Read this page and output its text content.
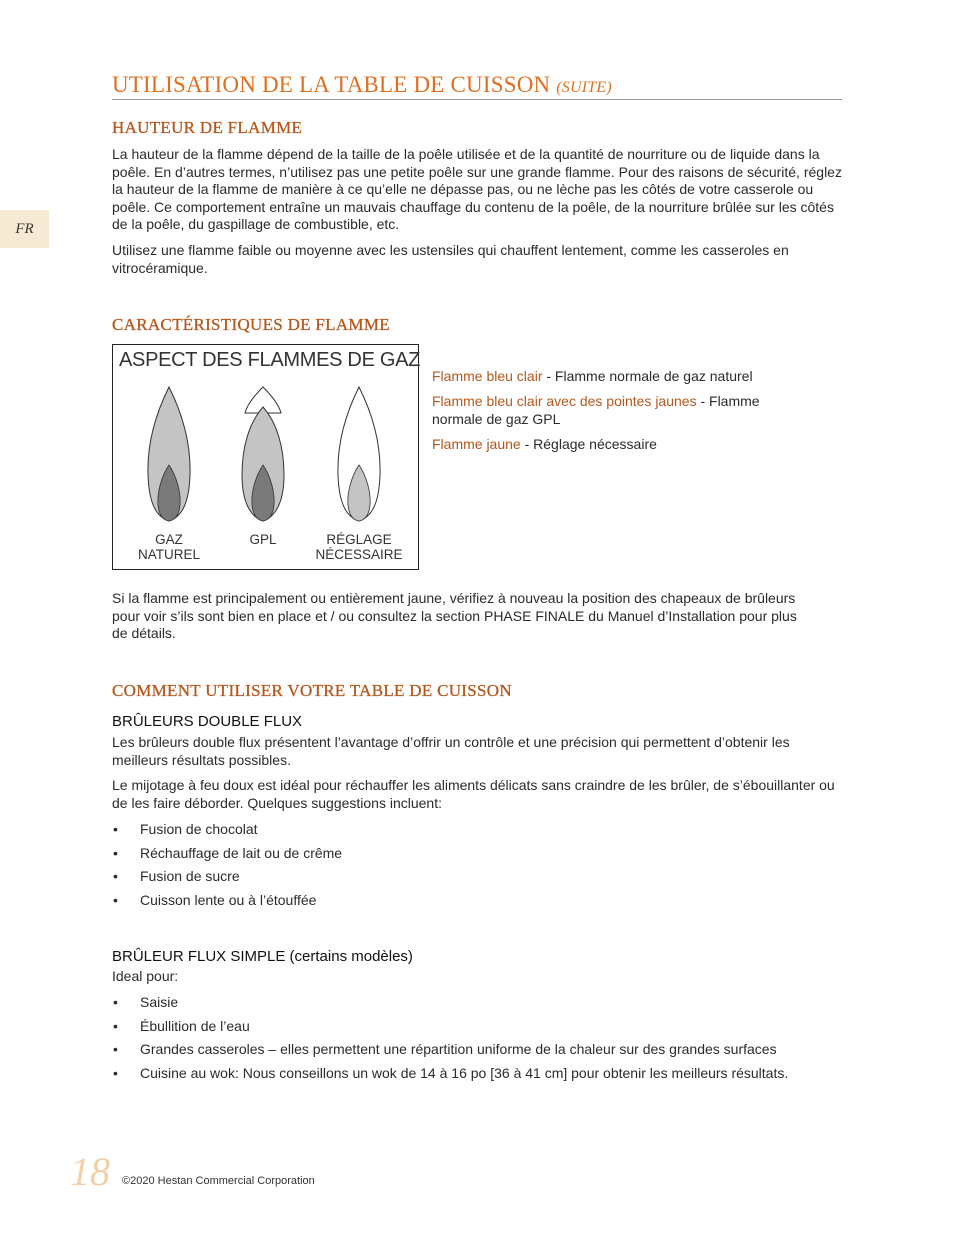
UTILISATION DE LA TABLE DE CUISSON (SUITE)
FR
HAUTEUR DE FLAMME

La hauteur de la flamme dépend de la taille de la poêle utilisée et de la quantité de nourriture ou de liquide dans la poêle. En d’autres termes, n’utilisez pas une petite poêle sur une grande flamme. Pour des raisons de sécurité, réglez la hauteur de la flamme de manière à ce qu’elle ne dépasse pas, ou ne lèche pas les côtés de votre casserole ou poêle. Ce comportement entraîne un mauvais chauffage du contenu de la poêle, de la nourriture brûlée sur les côtés de la poêle, du gaspillage de combustible, etc.

Utilisez une flamme faible ou moyenne avec les ustensiles qui chauffent lentement, comme les casseroles en vitrocéramique.

CARACTÉRISTIQUES DE FLAMME
ASPECT DES FLAMMES DE GAZ
GAZ
NATUREL
GPL	RÉGLAGE
NÉCESSAIRE

Flamme bleu clair - Flamme normale de gaz naturel

Flamme bleu clair avec des pointes jaunes - Flamme normale de gaz GPL

Flamme jaune - Réglage nécessaire

Si la flamme est principalement ou entièrement jaune, vérifiez à nouveau la position des chapeaux de brûleurs pour voir s’ils sont bien en place et / ou consultez la section PHASE FINALE du Manuel d’Installation pour plus de détails.

COMMENT UTILISER VOTRE TABLE DE CUISSON
BRÛLEURS DOUBLE FLUX

Les brûleurs double flux présentent l’avantage d’offrir un contrôle et une précision qui permettent d’obtenir les meilleurs résultats possibles.

Le mijotage à feu doux est idéal pour réchauffer les aliments délicats sans craindre de les brûler, de s’ébouillanter ou de les faire déborder. Quelques suggestions incluent:

• Fusion de chocolat
• Réchauffage de lait ou de crême
• Fusion de sucre
• Cuisson lente ou à l’étouffée
BRÛLEUR FLUX SIMPLE (certains modèles)

Ideal pour:

• Saisie
• Ébullition de l’eau
• Grandes casseroles – elles permettent une répartition uniforme de la chaleur sur des grandes surfaces
• Cuisine au wok: Nous conseillons un wok de 14 à 16 po [36 à 41 cm] pour obtenir les meilleurs résultats.
18 ©2020 Hestan Commercial Corporation
